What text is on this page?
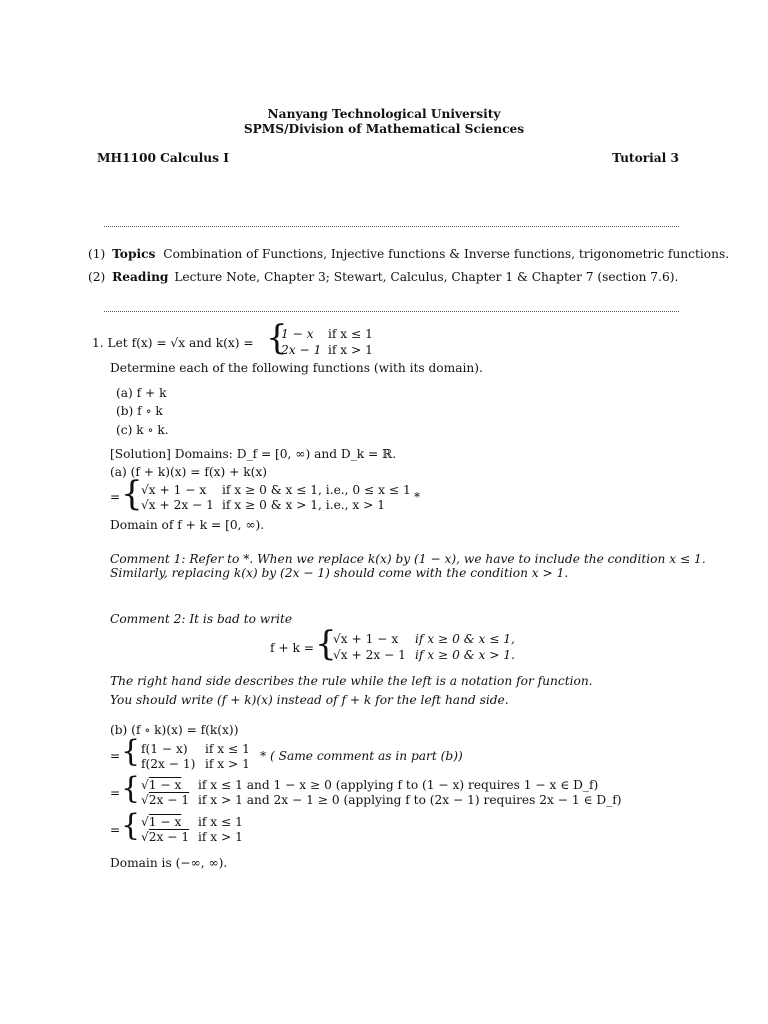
Nanyang Technological University
SPMS/Division of Mathematical Sciences
MH1100 Calculus I	Tutorial 3
(1) Topics Combination of Functions, Injective functions & Inverse functions, trigonometric functions.
(2) Reading Lecture Note, Chapter 3; Stewart, Calculus, Chapter 1 & Chapter 7 (section 7.6).
1. Let f(x) = √x and k(x) = {
1 − x if x ≤ 1
2x − 1 if x > 1
Determine each of the following functions (with its domain).
(a) f + k
(b) f ∘ k
(c) k ∘ k.
[Solution] Domains: D_f = [0, ∞) and D_k = ℝ.
(a) (f + k)(x) = f(x) + k(x)
= {
√x + 1 − x if x ≥ 0 & x ≤ 1, i.e., 0 ≤ x ≤ 1
√x + 2x − 1 if x ≥ 0 & x > 1, i.e., x > 1
*
Domain of f + k = [0, ∞).
Comment 1: Refer to *. When we replace k(x) by (1 − x), we have to include the condition x ≤ 1.
Similarly, replacing k(x) by (2x − 1) should come with the condition x > 1.
Comment 2: It is bad to write
f + k = {
√x + 1 − x if x ≥ 0 & x ≤ 1,
√x + 2x − 1 if x ≥ 0 & x > 1.
The right hand side describes the rule while the left is a notation for function.
You should write (f + k)(x) instead of f + k for the left hand side.
(b) (f ∘ k)(x) = f(k(x))
= { f(1 − x) if x ≤ 1
f(2x − 1) if x > 1
* ( Same comment as in part (b))
= { √1 − x if x ≤ 1 and 1 − x ≥ 0 (applying f to (1 − x) requires 1 − x ∈ D_f)
√2x − 1 if x > 1 and 2x − 1 ≥ 0 (applying f to (2x − 1) requires 2x − 1 ∈ D_f)
= { √1 − x if x ≤ 1
√2x − 1 if x > 1
Domain is (−∞, ∞).
